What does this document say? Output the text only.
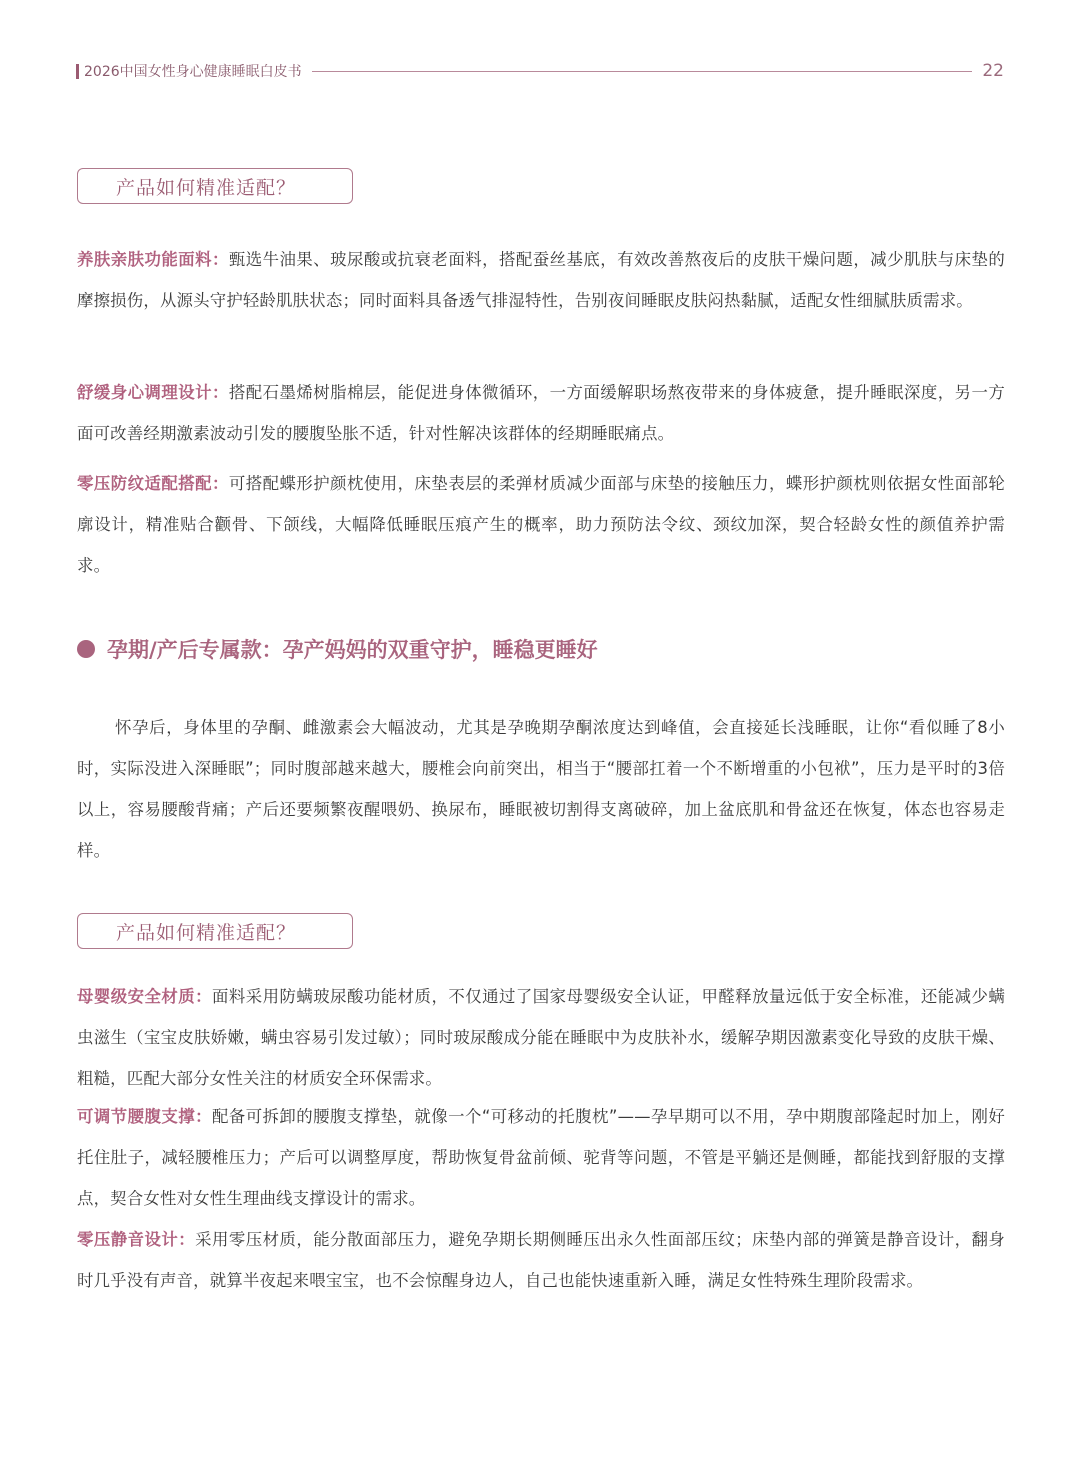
2026中国女性身心健康睡眠白皮书	22
产品如何精准适配？
养肤亲肤功能面料：甄选牛油果、玻尿酸或抗衰老面料，搭配蚕丝基底，有效改善熬夜后的皮肤干燥问题，减少肌肤与床垫的摩擦损伤，从源头守护轻龄肌肤状态；同时面料具备透气排湿特性，告别夜间睡眠皮肤闷热黏腻，适配女性细腻肤质需求。
舒缓身心调理设计：搭配石墨烯树脂棉层，能促进身体微循环，一方面缓解职场熬夜带来的身体疲惫，提升睡眠深度，另一方面可改善经期激素波动引发的腰腹坠胀不适，针对性解决该群体的经期睡眠痛点。
零压防纹适配搭配：可搭配蝶形护颜枕使用，床垫表层的柔弹材质减少面部与床垫的接触压力，蝶形护颜枕则依据女性面部轮廓设计，精准贴合颧骨、下颌线，大幅降低睡眠压痕产生的概率，助力预防法令纹、颈纹加深，契合轻龄女性的颜值养护需求。
孕期/产后专属款：孕产妈妈的双重守护，睡稳更睡好
怀孕后，身体里的孕酮、雌激素会大幅波动，尤其是孕晚期孕酮浓度达到峰值，会直接延长浅睡眠，让你“看似睡了8小时，实际没进入深睡眠”；同时腹部越来越大，腰椎会向前突出，相当于“腰部扛着一个不断增重的小包袱”，压力是平时的3倍以上，容易腰酸背痛；产后还要频繁夜醒喂奶、换尿布，睡眠被切割得支离破碎，加上盆底肌和骨盆还在恢复，体态也容易走样。
产品如何精准适配？
母婴级安全材质：面料采用防螨玻尿酸功能材质，不仅通过了国家母婴级安全认证，甲醛释放量远低于安全标准，还能减少螨虫滋生（宝宝皮肤娇嫩，螨虫容易引发过敏）；同时玻尿酸成分能在睡眠中为皮肤补水，缓解孕期因激素变化导致的皮肤干燥、粗糙，匹配大部分女性关注的材质安全环保需求。
可调节腰腹支撑：配备可拆卸的腰腹支撑垫，就像一个“可移动的托腹枕”——孕早期可以不用，孕中期腹部隆起时加上，刚好托住肚子，减轻腰椎压力；产后可以调整厚度，帮助恢复骨盆前倾、驼背等问题，不管是平躺还是侧睡，都能找到舒服的支撑点，契合女性对女性生理曲线支撑设计的需求。
零压静音设计：采用零压材质，能分散面部压力，避免孕期长期侧睡压出永久性面部压纹；床垫内部的弹簧是静音设计，翻身时几乎没有声音，就算半夜起来喂宝宝，也不会惊醒身边人，自己也能快速重新入睡，满足女性特殊生理阶段需求。
